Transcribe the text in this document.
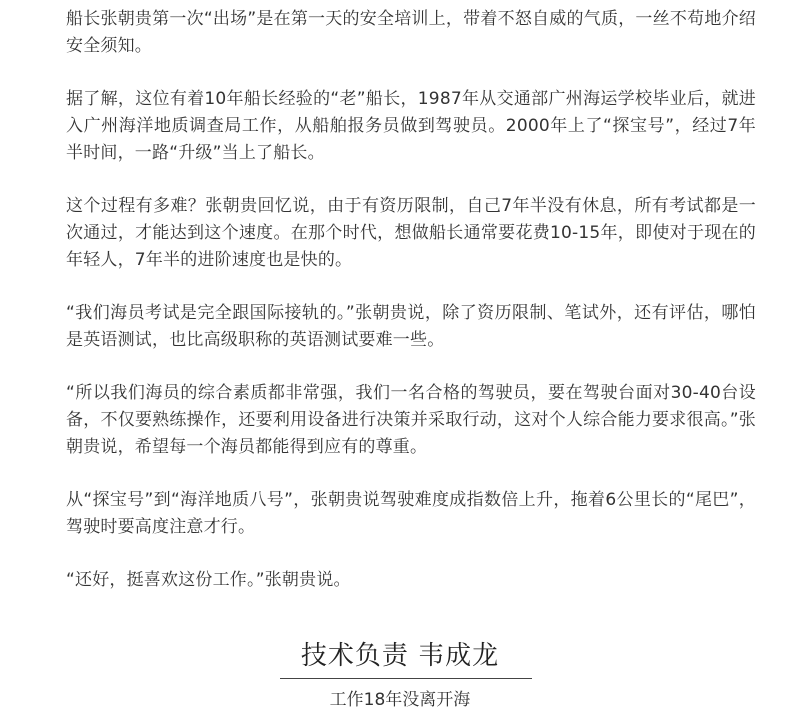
船长张朝贵第一次“出场”是在第一天的安全培训上，带着不怒自威的气质，一丝不苟地介绍安全须知。

据了解，这位有着10年船长经验的“老”船长，1987年从交通部广州海运学校毕业后，就进入广州海洋地质调查局工作，从船舶报务员做到驾驶员。2000年上了“探宝号”，经过7年半时间，一路“升级”当上了船长。

这个过程有多难？张朝贵回忆说，由于有资历限制，自己7年半没有休息，所有考试都是一次通过，才能达到这个速度。在那个时代，想做船长通常要花费10-15年，即使对于现在的年轻人，7年半的进阶速度也是快的。

“我们海员考试是完全跟国际接轨的。”张朝贵说，除了资历限制、笔试外，还有评估，哪怕是英语测试，也比高级职称的英语测试要难一些。

“所以我们海员的综合素质都非常强，我们一名合格的驾驶员，要在驾驶台面对30-40台设备，不仅要熟练操作，还要利用设备进行决策并采取行动，这对个人综合能力要求很高。”张朝贵说，希望每一个海员都能得到应有的尊重。

从“探宝号”到“海洋地质八号”，张朝贵说驾驶难度成指数倍上升，拖着6公里长的“尾巴”，驾驶时要高度注意才行。

“还好，挺喜欢这份工作。”张朝贵说。

技术负责 韦成龙
工作18年没离开海
